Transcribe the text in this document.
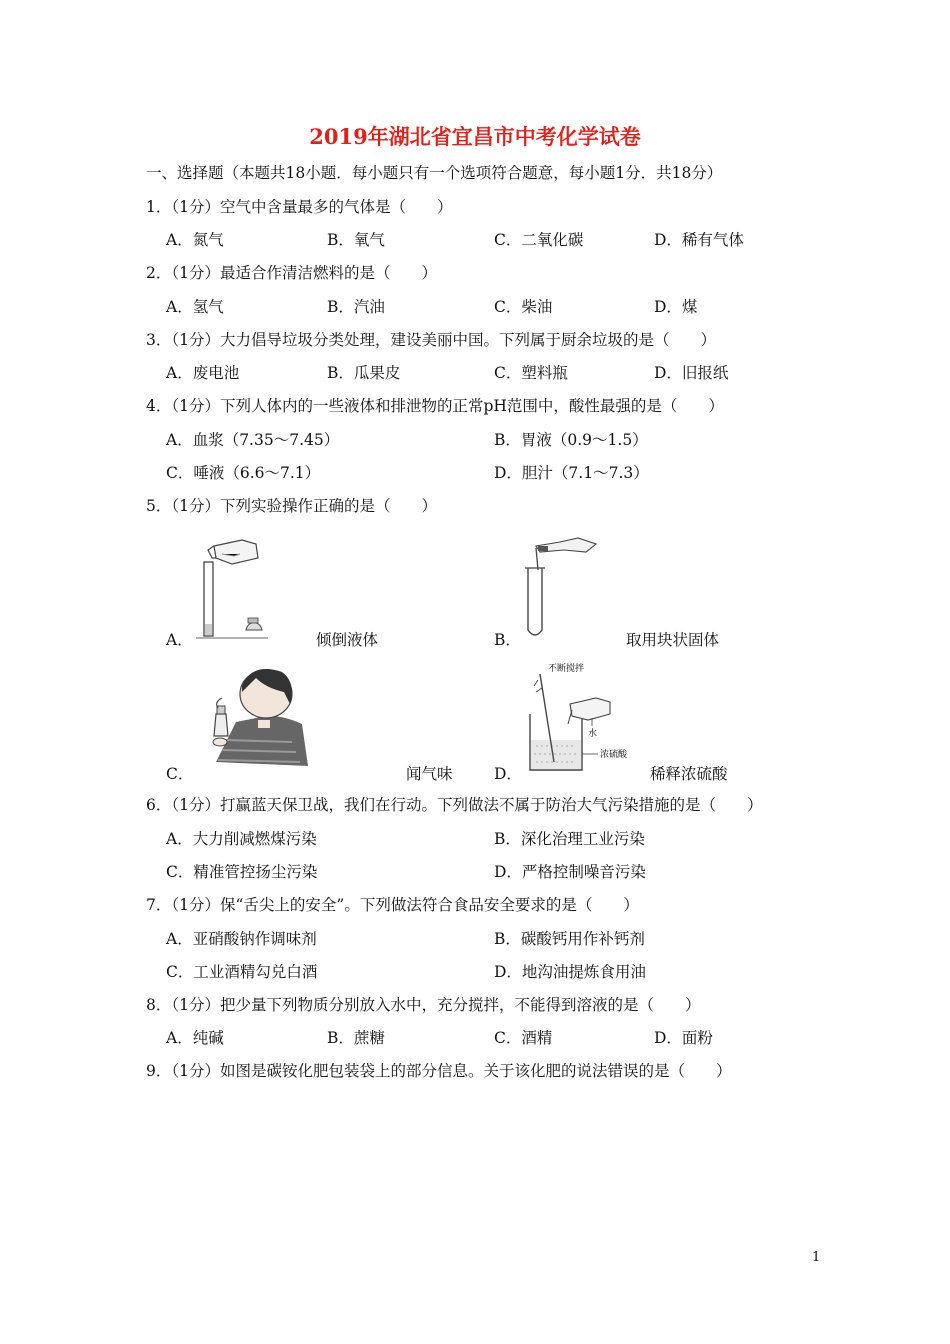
2019年湖北省宜昌市中考化学试卷
一、选择题（本题共18小题．每小题只有一个选项符合题意，每小题1分．共18分）
1．（1分）空气中含量最多的气体是（　　）
A．氮气	B．氧气	C．二氧化碳	D．稀有气体
2．（1分）最适合作清洁燃料的是（　　）
A．氢气	B．汽油	C．柴油	D．煤
3．（1分）大力倡导垃圾分类处理，建设美丽中国。下列属于厨余垃圾的是（　　）
A．废电池	B．瓜果皮	C．塑料瓶	D．旧报纸
4．（1分）下列人体内的一些液体和排泄物的正常pH范围中，酸性最强的是（　　）
A．血浆（7.35～7.45）	B．胃液（0.9～1.5）
C．唾液（6.6～7.1）	D．胆汁（7.1～7.3）
5．（1分）下列实验操作正确的是（　　）
A．	倾倒液体	B．	取用块状固体
C．	闻气味
不断搅拌
水
浓硫酸
D．	稀释浓硫酸
6．（1分）打赢蓝天保卫战，我们在行动。下列做法不属于防治大气污染措施的是（　　）
A．大力削减燃煤污染	B．深化治理工业污染
C．精准管控扬尘污染	D．严格控制噪音污染
7．（1分）保“舌尖上的安全”。下列做法符合食品安全要求的是（　　）
A．亚硝酸钠作调味剂	B．碳酸钙用作补钙剂
C．工业酒精勾兑白酒	D．地沟油提炼食用油
8．（1分）把少量下列物质分别放入水中，充分搅拌，不能得到溶液的是（　　）
A．纯碱	B．蔗糖	C．酒精	D．面粉
9．（1分）如图是碳铵化肥包装袋上的部分信息。关于该化肥的说法错误的是（　　）
1
